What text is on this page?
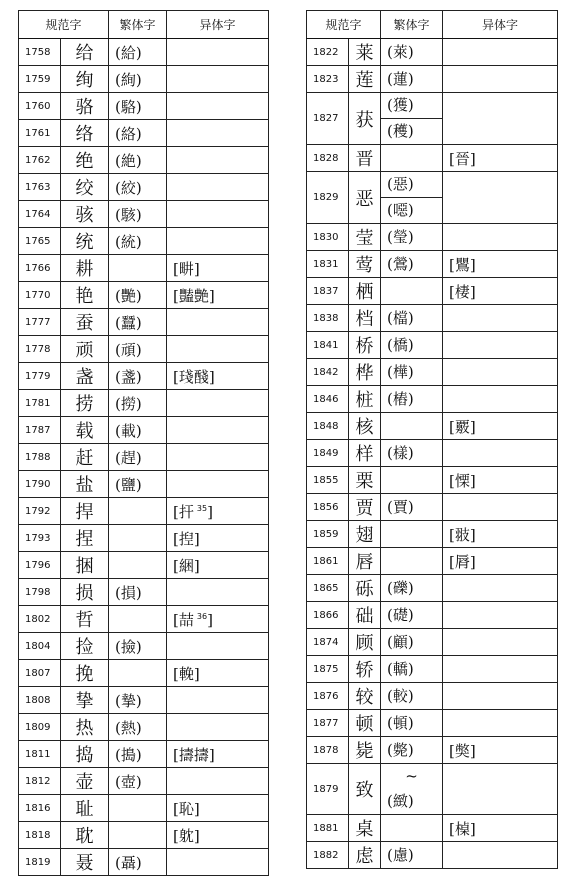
规范字		繁体字	异体字
1758	给	(給)	
1759	绚	(絢)	
1760	骆	(駱)	
1761	络	(絡)	
1762	绝	(絶)	
1763	绞	(絞)	
1764	骇	(駭)	
1765	统	(統)	
1766	耕		[畊]
1770	艳	(艷)	[豔艶]
1777	蚕	(蠶)	
1778	顽	(頑)	
1779	盏	(盞)	[琖醆]
1781	捞	(撈)	
1787	载	(載)	
1788	赶	(趕)	
1790	盐	(鹽)	
1792	捍		[扞 $^{35}$]
1793	捏		[揑]
1796	捆		[綑]
1798	损	(損)	
1802	哲		[喆 $^{36}$]
1804	捡	(撿)	
1807	挽		[輓]
1808	挚	(摯)	
1809	热	(熱)	
1811	捣	(搗)	[擣擣]
1812	壶	(壺)	
1816	耻		[恥]
1818	耽		[躭]
1819	聂	(聶)	
规范字		繁体字	异体字
1822	莱	(萊)	

1823	莲	(蓮)	

1827	获	(獲)
(穫)	

1828	晋		[晉]
1829	恶	(惡)
(噁)	

1830	莹	(瑩)	

1831	莺	(鶯)	[鸎]
1837	栖		[棲]
1838	档	(檔)	

1841	桥	(橋)	

1842	桦	(樺)	

1846	桩	(樁)	

1848	核		[覈]
1849	样	(樣)	

1855	栗		[慄]
1856	贾	(賈)	

1859	翅		[翄]
1861	唇		[脣]
1865	砾	(礫)	

1866	础	(礎)	

1874	顾	(顧)	

1875	轿	(轎)	

1876	较	(較)	

1877	顿	(頓)	

1878	毙	(斃)	[獘]
1879	致	~
(緻)	

1881	桌		[槕]
1882	虑	(慮)	
